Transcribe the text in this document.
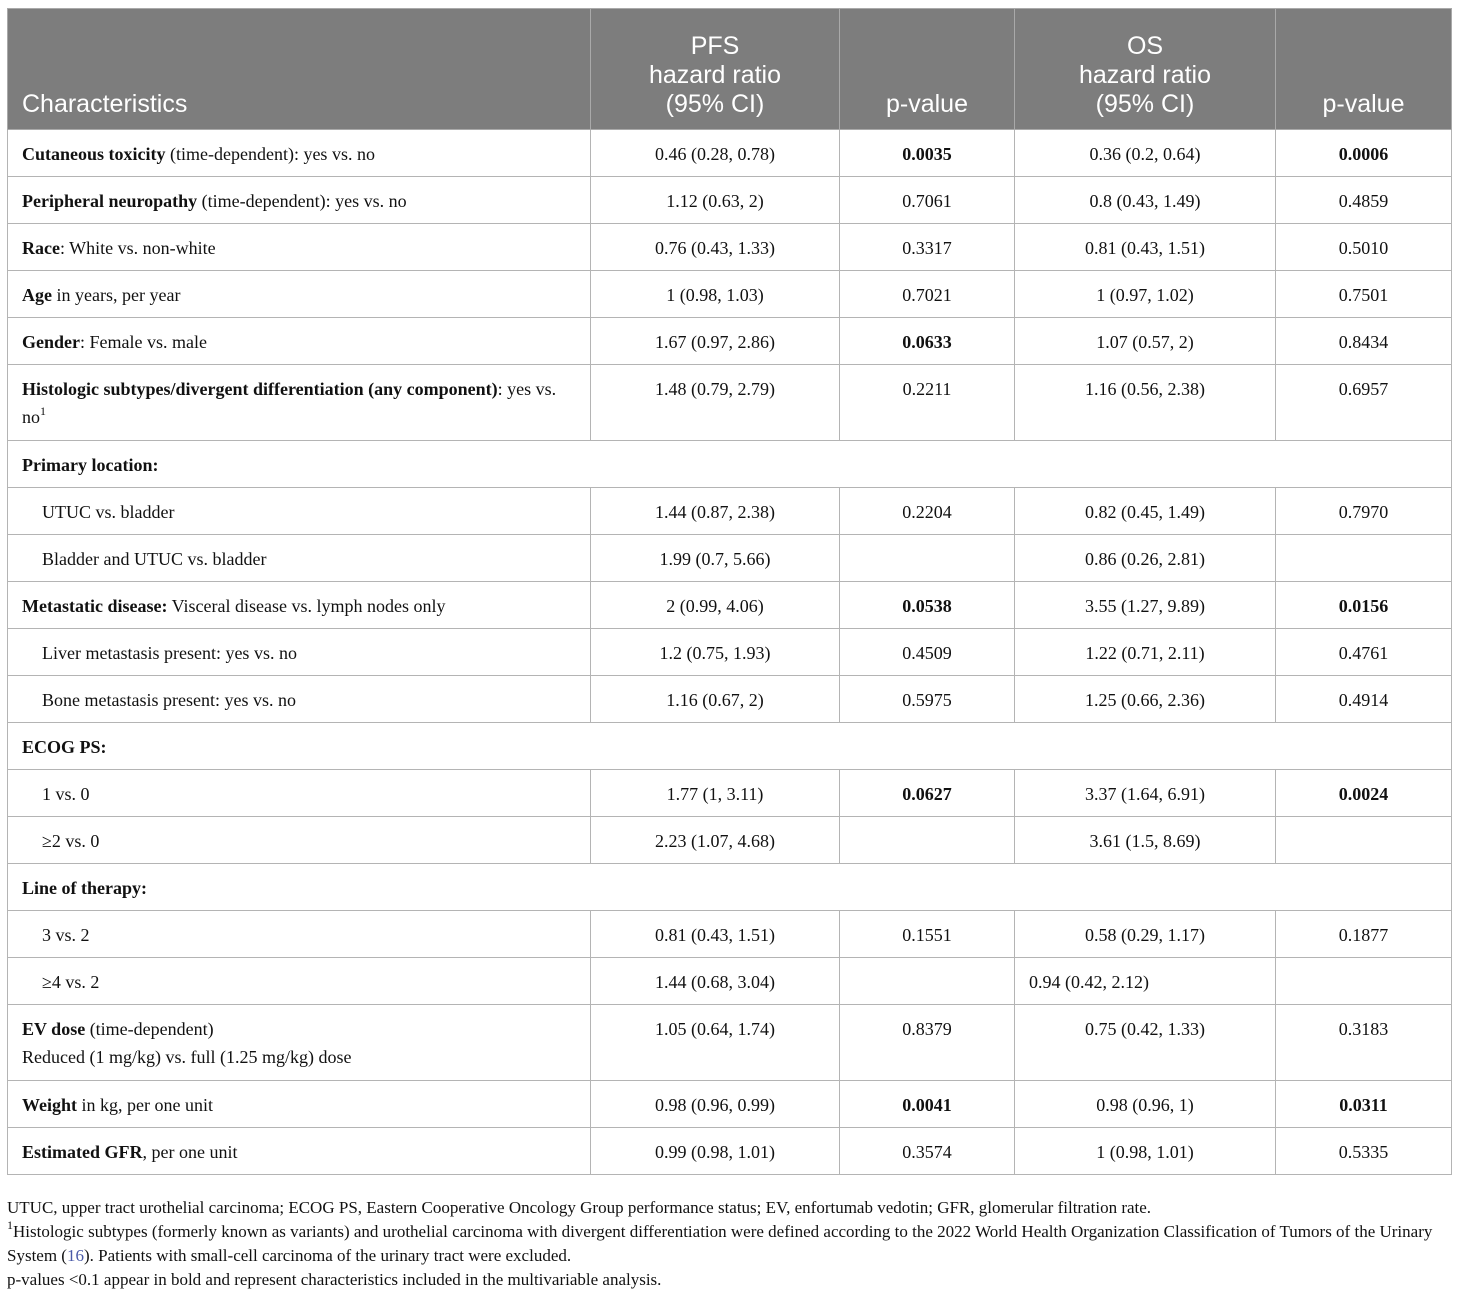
Characteristics	PFS
hazard ratio
(95% CI)	p-value	OS
hazard ratio
(95% CI)	p-value
Cutaneous toxicity (time-dependent): yes vs. no	0.46 (0.28, 0.78)	0.0035	0.36 (0.2, 0.64)	0.0006
Peripheral neuropathy (time-dependent): yes vs. no	1.12 (0.63, 2)	0.7061	0.8 (0.43, 1.49)	0.4859
Race: White vs. non-white	0.76 (0.43, 1.33)	0.3317	0.81 (0.43, 1.51)	0.5010
Age in years, per year	1 (0.98, 1.03)	0.7021	1 (0.97, 1.02)	0.7501
Gender: Female vs. male	1.67 (0.97, 2.86)	0.0633	1.07 (0.57, 2)	0.8434
Histologic subtypes/divergent differentiation (any component): yes vs. $no^1$	1.48 (0.79, 2.79)	0.2211	1.16 (0.56, 2.38)	0.6957
Primary location:				
UTUC vs. bladder	1.44 (0.87, 2.38)	0.2204	0.82 (0.45, 1.49)	0.7970
Bladder and UTUC vs. bladder	1.99 (0.7, 5.66)		0.86 (0.26, 2.81)	
Metastatic disease: Visceral disease vs. lymph nodes only	2 (0.99, 4.06)	0.0538	3.55 (1.27, 9.89)	0.0156
Liver metastasis present: yes vs. no	1.2 (0.75, 1.93)	0.4509	1.22 (0.71, 2.11)	0.4761
Bone metastasis present: yes vs. no	1.16 (0.67, 2)	0.5975	1.25 (0.66, 2.36)	0.4914
ECOG PS:				
1 vs. 0	1.77 (1, 3.11)	0.0627	3.37 (1.64, 6.91)	0.0024
≥2 vs. 0	2.23 (1.07, 4.68)		3.61 (1.5, 8.69)	
Line of therapy:				
3 vs. 2	0.81 (0.43, 1.51)	0.1551	0.58 (0.29, 1.17)	0.1877
≥4 vs. 2	1.44 (0.68, 3.04)		0.94 (0.42, 2.12)	
EV dose (time-dependent)
Reduced (1 mg/kg) vs. full (1.25 mg/kg) dose	1.05 (0.64, 1.74)	0.8379	0.75 (0.42, 1.33)	0.3183
Weight in kg, per one unit	0.98 (0.96, 0.99)	0.0041	0.98 (0.96, 1)	0.0311
Estimated GFR, per one unit	0.99 (0.98, 1.01)	0.3574	1 (0.98, 1.01)	0.5335

UTUC, upper tract urothelial carcinoma; ECOG PS, Eastern Cooperative Oncology Group performance status; EV, enfortumab vedotin; GFR, glomerular filtration rate.

$^1$Histologic subtypes (formerly known as variants) and urothelial carcinoma with divergent differentiation were defined according to the 2022 World Health Organization Classification of Tumors of the Urinary System (16). Patients with small-cell carcinoma of the urinary tract were excluded.

p-values <0.1 appear in bold and represent characteristics included in the multivariable analysis.
